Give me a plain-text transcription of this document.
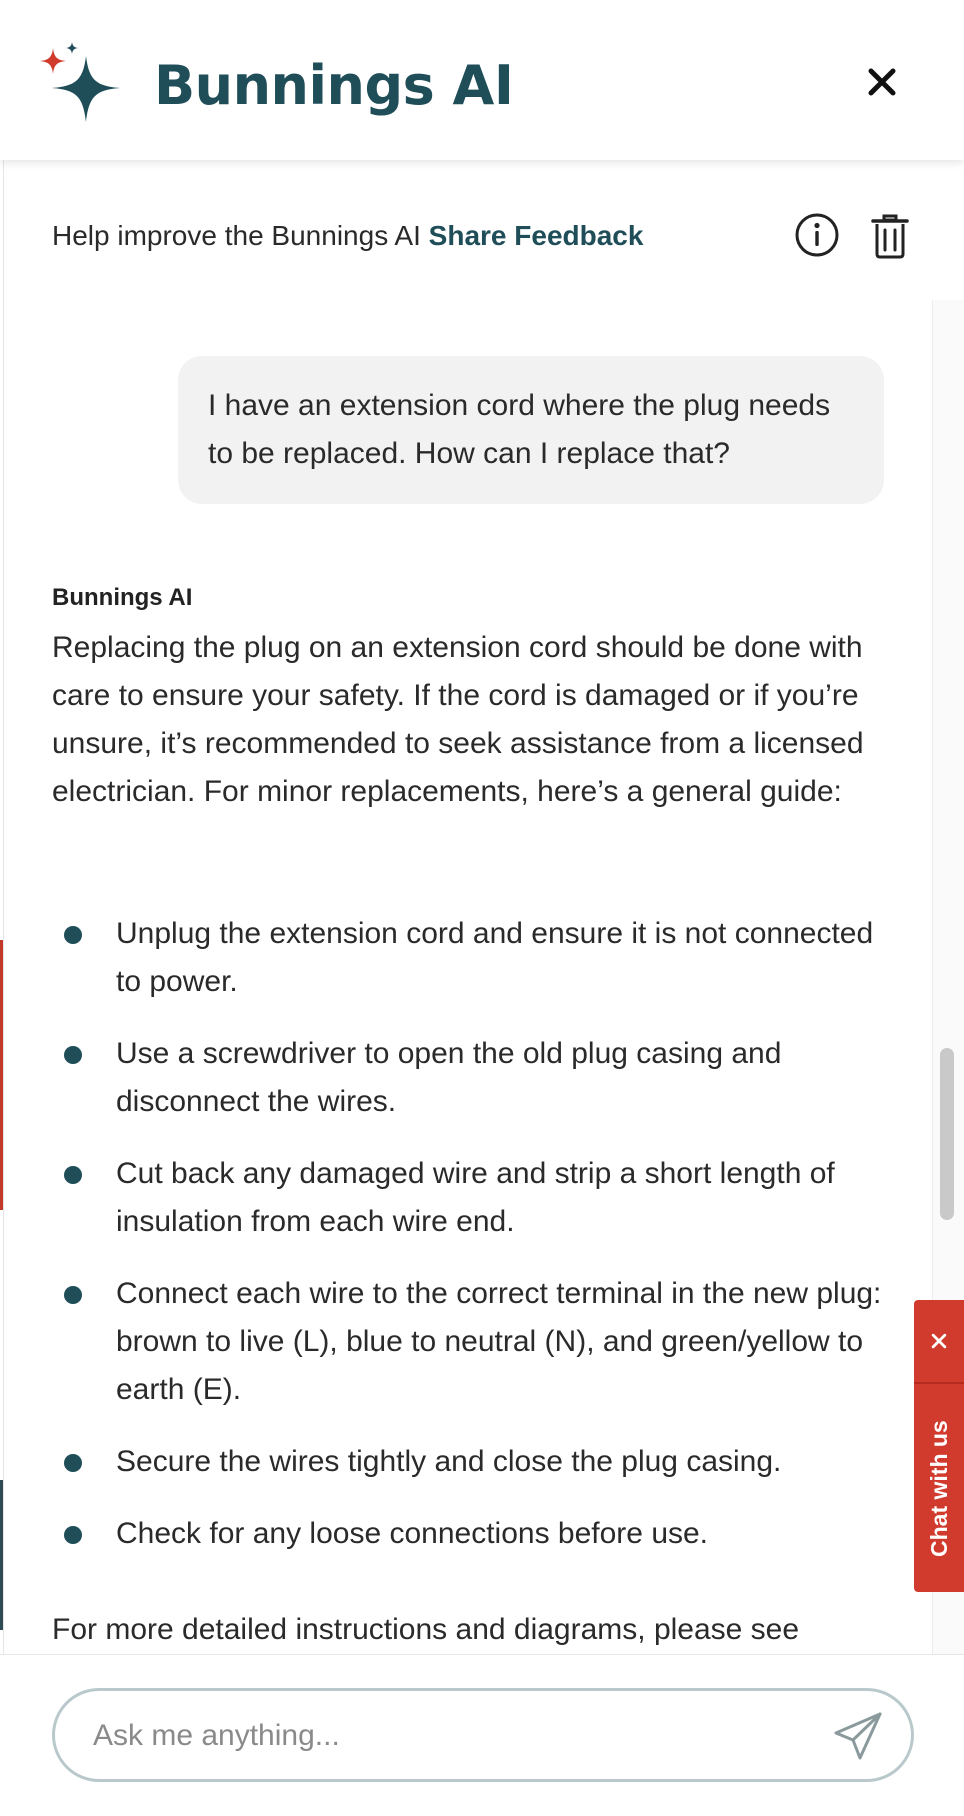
Bunnings AI
Help improve the Bunnings AI Share Feedback
I have an extension cord where the plug needs to be replaced. How can I replace that?
Bunnings AI
Replacing the plug on an extension cord should be done with care to ensure your safety. If the cord is damaged or if you’re unsure, it’s recommended to seek assistance from a licensed electrician. For minor replacements, here’s a general guide:
Unplug the extension cord and ensure it is not connected to power.
Use a screwdriver to open the old plug casing and disconnect the wires.
Cut back any damaged wire and strip a short length of insulation from each wire end.
Connect each wire to the correct terminal in the new plug: brown to live (L), blue to neutral (N), and green/yellow to earth (E).
Secure the wires tightly and close the plug casing.
Check for any loose connections before use.
For more detailed instructions and diagrams, please see
Chat with us
Ask me anything...
